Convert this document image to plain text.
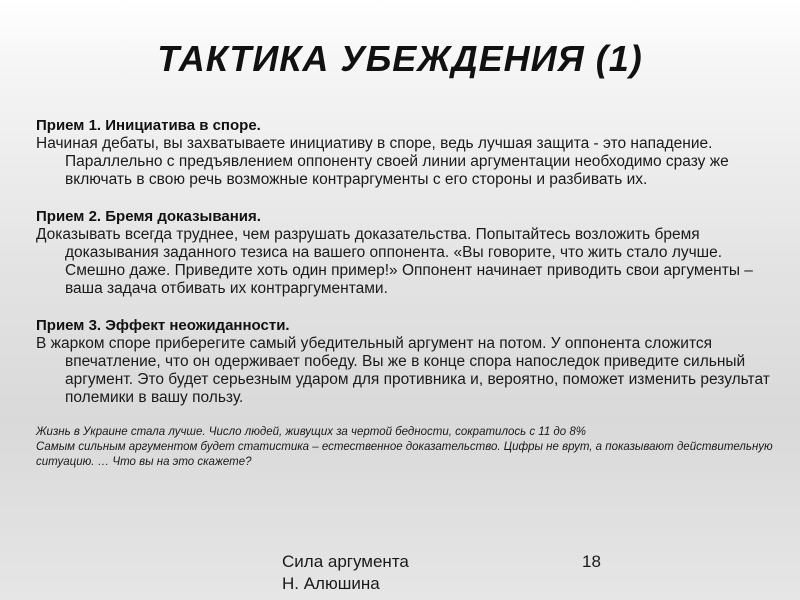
ТАКТИКА УБЕЖДЕНИЯ (1)
Прием 1. Инициатива в споре.
Начиная дебаты, вы захватываете инициативу в споре, ведь лучшая защита - это нападение. Параллельно с предъявлением оппоненту своей линии аргументации необходимо сразу же включать в свою речь возможные контраргументы с его стороны и разбивать их.
Прием 2. Бремя доказывания.
Доказывать всегда труднее, чем разрушать доказательства. Попытайтесь возложить бремя доказывания заданного тезиса на вашего оппонента. «Вы говорите, что жить стало лучше. Смешно даже. Приведите хоть один пример!» Оппонент начинает приводить свои аргументы – ваша задача отбивать их контраргументами.
Прием 3. Эффект неожиданности.
В жарком споре приберегите самый убедительный аргумент на потом. У оппонента сложится впечатление, что он одерживает победу. Вы же в конце спора напоследок приведите сильный аргумент. Это будет серьезным ударом для противника и, вероятно, поможет изменить результат полемики в вашу пользу.
Жизнь в Украине стала лучше. Число людей, живущих за чертой бедности, сократилось с 11 до 8%
Самым сильным аргументом будет статистика – естественное доказательство. Цифры не врут, а показывают действительную ситуацию. … Что вы на это скажете?
Сила аргумента
Н. Алюшина
18
